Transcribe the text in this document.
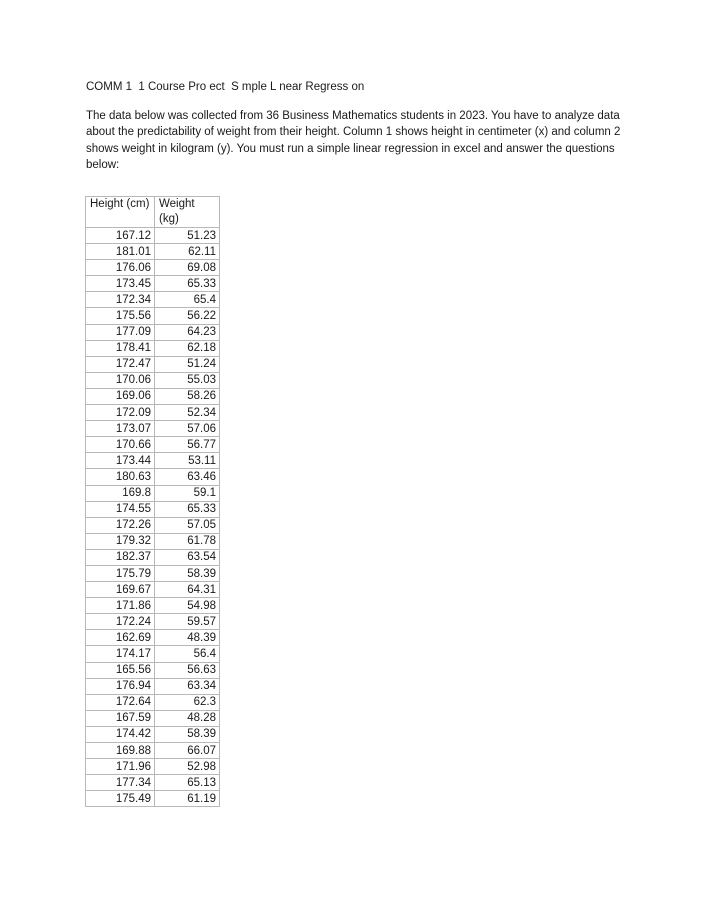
COMM 1  1 Course Pro ect  S mple L near Regress on

The data below was collected from 36 Business Mathematics students in 2023. You have to analyze data about the predictability of weight from their height. Column 1 shows height in centimeter (x) and column 2 shows weight in kilogram (y). You must run a simple linear regression in excel and answer the questions below:

Height (cm)	Weight (kg)
167.12	51.23
181.01	62.11
176.06	69.08
173.45	65.33
172.34	65.4
175.56	56.22
177.09	64.23
178.41	62.18
172.47	51.24
170.06	55.03
169.06	58.26
172.09	52.34
173.07	57.06
170.66	56.77
173.44	53.11
180.63	63.46
169.8	59.1
174.55	65.33
172.26	57.05
179.32	61.78
182.37	63.54
175.79	58.39
169.67	64.31
171.86	54.98
172.24	59.57
162.69	48.39
174.17	56.4
165.56	56.63
176.94	63.34
172.64	62.3
167.59	48.28
174.42	58.39
169.88	66.07
171.96	52.98
177.34	65.13
175.49	61.19
